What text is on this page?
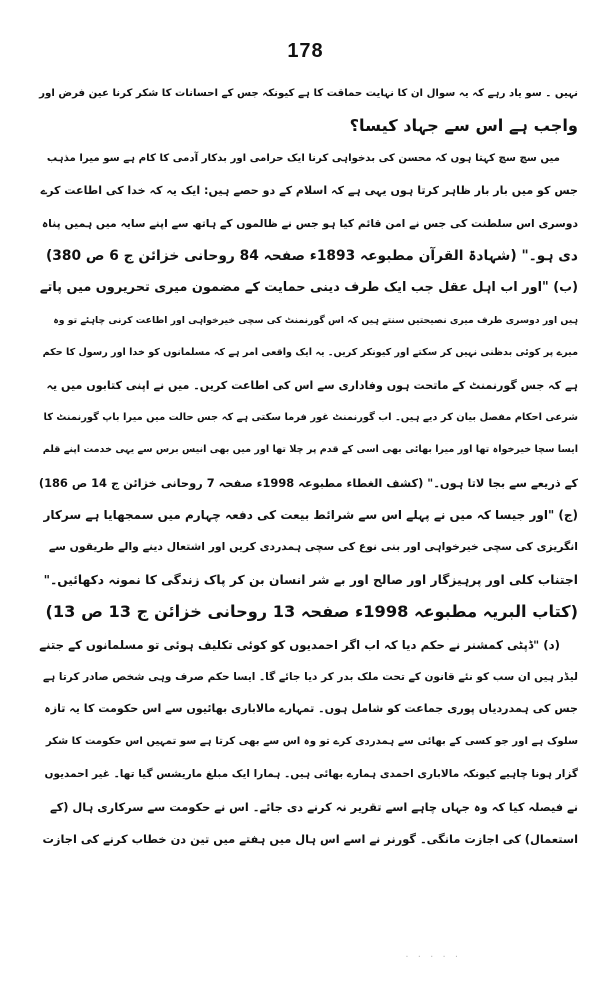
178
نہیں ۔ سو یاد رہے کہ یہ سوال ان کا نہایت حماقت کا ہے کیونکہ جس کے احسانات کا شکر کرنا عین فرض اور
واجب ہے اس سے جہاد کیسا؟
میں سچ سچ کہتا ہوں کہ محسن کی بدخواہی کرنا ایک حرامی اور بدکار آدمی کا کام ہے سو میرا مذہب
جس کو میں بار بار ظاہر کرتا ہوں یہی ہے کہ اسلام کے دو حصے ہیں: ایک یہ کہ خدا کی اطاعت کرے
دوسری اس سلطنت کی جس نے امن قائم کیا ہو جس نے ظالموں کے ہاتھ سے اپنے سایہ میں ہمیں پناہ
دی ہو۔" (شہادۃ القرآن مطبوعہ 1893ء صفحہ 84 روحانی خزائن ج 6 ص 380)
(ب) "اور اب اہل عقل جب ایک طرف دینی حمایت کے مضمون میری تحریروں میں پاتے
ہیں اور دوسری طرف میری نصیحتیں سنتے ہیں کہ اس گورنمنٹ کی سچی خیرخواہی اور اطاعت کرنی چاہئے تو وہ
میرے پر کوئی بدظنی نہیں کر سکتے اور کیونکر کریں۔ یہ ایک واقعی امر ہے کہ مسلمانوں کو خدا اور رسول کا حکم
ہے کہ جس گورنمنٹ کے ماتحت ہوں وفاداری سے اس کی اطاعت کریں۔ میں نے اپنی کتابوں میں یہ
شرعی احکام مفصل بیان کر دیے ہیں۔ اب گورنمنٹ غور فرما سکتی ہے کہ جس حالت میں میرا باپ گورنمنٹ کا
ایسا سچا خیرخواہ تھا اور میرا بھائی بھی اسی کے قدم پر چلا تھا اور میں بھی انیس برس سے یہی خدمت اپنے قلم
کے ذریعے سے بجا لاتا ہوں۔" (کشف الغطاء مطبوعہ 1998ء صفحہ 7 روحانی خزائن ج 14 ص 186)
(ج) "اور جیسا کہ میں نے پہلے اس سے شرائط بیعت کی دفعہ چہارم میں سمجھایا ہے سرکار
انگریزی کی سچی خیرخواہی اور بنی نوع کی سچی ہمدردی کریں اور اشتعال دینے والے طریقوں سے
اجتناب کلی اور پرہیزگار اور صالح اور بے شر انسان بن کر پاک زندگی کا نمونہ دکھائیں۔"
(کتاب البریہ مطبوعہ 1998ء صفحہ 13 روحانی خزائن ج 13 ص 13)
(د) "ڈپٹی کمشنر نے حکم دیا کہ اب اگر احمدیوں کو کوئی تکلیف ہوئی تو مسلمانوں کے جتنے
لیڈر ہیں ان سب کو نئے قانون کے تحت ملک بدر کر دیا جائے گا۔ ایسا حکم صرف وہی شخص صادر کرتا ہے
جس کی ہمدردیاں پوری جماعت کو شامل ہوں۔ تمہارے مالاباری بھائیوں سے اس حکومت کا یہ تازہ
سلوک ہے اور جو کسی کے بھائی سے ہمدردی کرے تو وہ اس سے بھی کرتا ہے سو تمہیں اس حکومت کا شکر
گزار ہونا چاہیے کیونکہ مالاباری احمدی ہمارے بھائی ہیں۔ ہمارا ایک مبلغ ماریشس گیا تھا۔ غیر احمدیوں
نے فیصلہ کیا کہ وہ جہاں چاہے اسے تقریر نہ کرنے دی جائے۔ اس نے حکومت سے سرکاری ہال (کے
استعمال) کی اجازت مانگی۔ گورنر نے اسے اس ہال میں ہفتے میں تین دن خطاب کرنے کی اجازت
· · ·
